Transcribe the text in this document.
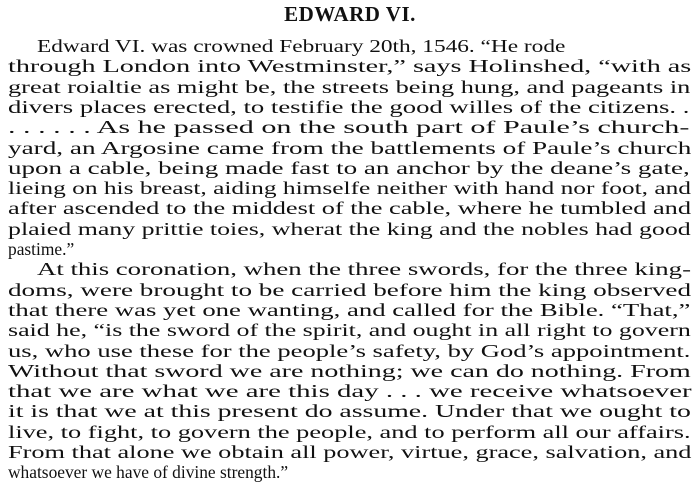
EDWARD VI.
Edward VI. was crowned February 20th, 1546. “He rode
through London into Westminster,” says Holinshed, “with as
great roialtie as might be, the streets being hung, and pageants in
divers places erected, to testifie the good willes of the citizens. .
. . . . . . As he passed on the south part of Paule’s church-
yard, an Argosine came from the battlements of Paule’s church
upon a cable, being made fast to an anchor by the deane’s gate,
lieing on his breast, aiding himselfe neither with hand nor foot, and
after ascended to the middest of the cable, where he tumbled and
plaied many prittie toies, wherat the king and the nobles had good
pastime.”
At this coronation, when the three swords, for the three king-
doms, were brought to be carried before him the king observed
that there was yet one wanting, and called for the Bible. “That,”
said he, “is the sword of the spirit, and ought in all right to govern
us, who use these for the people’s safety, by God’s appointment.
Without that sword we are nothing; we can do nothing. From
that we are what we are this day . . . we receive whatsoever
it is that we at this present do assume. Under that we ought to
live, to fight, to govern the people, and to perform all our affairs.
From that alone we obtain all power, virtue, grace, salvation, and
whatsoever we have of divine strength.”
